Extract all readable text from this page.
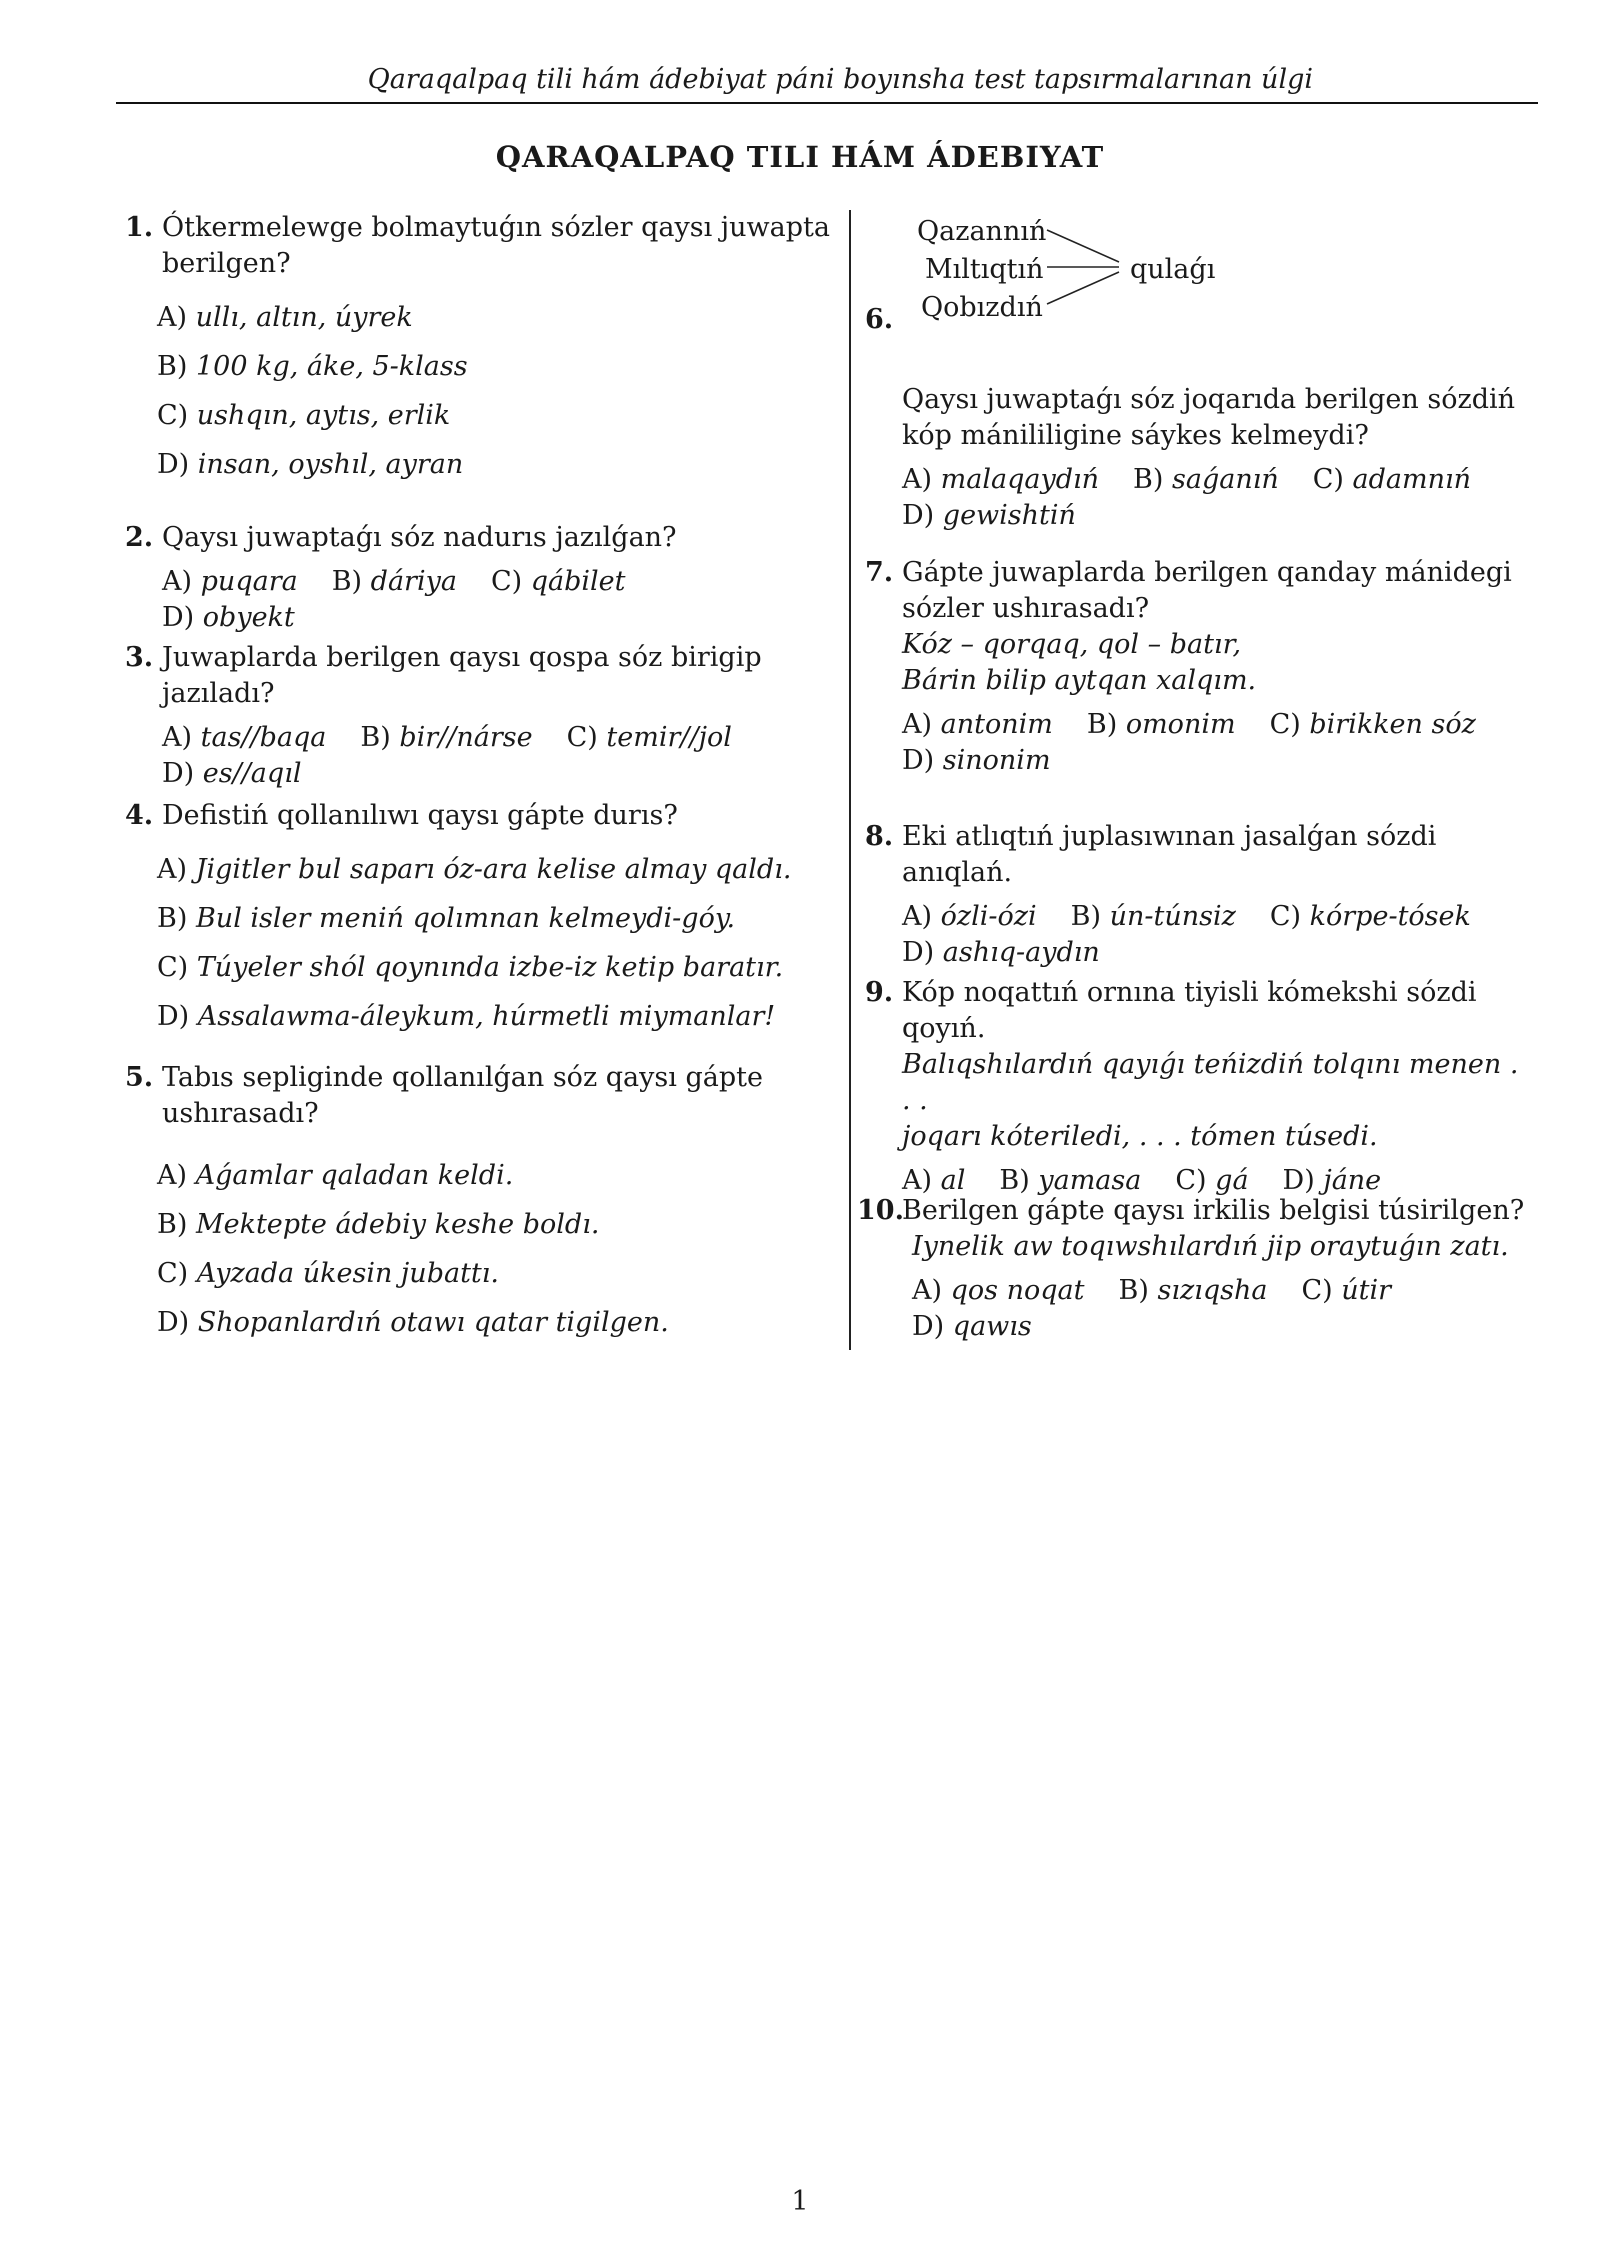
Qaraqalpaq tili hám ádebiyat páni boyınsha test tapsırmalarınan úlgi
QARAQALPAQ TILI HÁM ÁDEBIYAT
1. Ótkermelewge bolmaytuǵın sózler qaysı juwapta berilgen?
A) ullı, altın, úyrek
B) 100 kg, áke, 5-klass
C) ushqın, aytıs, erlik
D) insan, oyshıl, ayran
2. Qaysı juwaptaǵı sóz nadurıs jazılǵan?
A) puqara B) dáriya C) qábilet
D) obyekt
3. Juwaplarda berilgen qaysı qospa sóz birigip jazıladı?
A) tas//baqa B) bir//nárse C) temir//jol
D) es//aqıl
4. Defistiń qollanılıwı qaysı gápte durıs?
A) Jigitler bul saparı óz-ara kelise almay qaldı.
B) Bul isler meniń qolımnan kelmeydi-góy.
C) Túyeler shól qoynında izbe-iz ketip baratır.
D) Assalawma-áleykum, húrmetli miymanlar!
5. Tabıs sepliginde qollanılǵan sóz qaysı gápte ushırasadı?
A) Aǵamlar qaladan keldi.
B) Mektepte ádebiy keshe boldı.
C) Ayzada úkesin jubattı.
D) Shopanlardıń otawı qatar tigilgen.
6.
Qazannıń
Mıltıqtıń
Qobızdıń
qulaǵı
Qaysı juwaptaǵı sóz joqarıda berilgen sózdiń kóp mánililigine sáykes kelmeydi?
A) malaqaydıń B) saǵanıń C) adamnıń
D) gewishtiń
7. Gápte juwaplarda berilgen qanday mánidegi sózler ushırasadı?
Kóz – qorqaq, qol – batır,
Bárin bilip aytqan xalqım.
A) antonim B) omonim C) birikken sóz
D) sinonim
8. Eki atlıqtıń juplasıwınan jasalǵan sózdi anıqlań.
A) ózli-ózi B) ún-túnsiz C) kórpe-tósek
D) ashıq-aydın
9. Kóp noqattıń ornına tiyisli kómekshi sózdi qoyıń.
Balıqshılardıń qayıǵı teńizdiń tolqını menen . . .
joqarı kóteriledi, . . . tómen túsedi.
A) al B) yamasa C) gá D) jáne
10.
Berilgen gápte qaysı irkilis belgisi túsirilgen?
Iynelik aw toqıwshılardıń jip oraytuǵın zatı.
A) qos noqat B) sızıqsha C) útir
D) qawıs
1
